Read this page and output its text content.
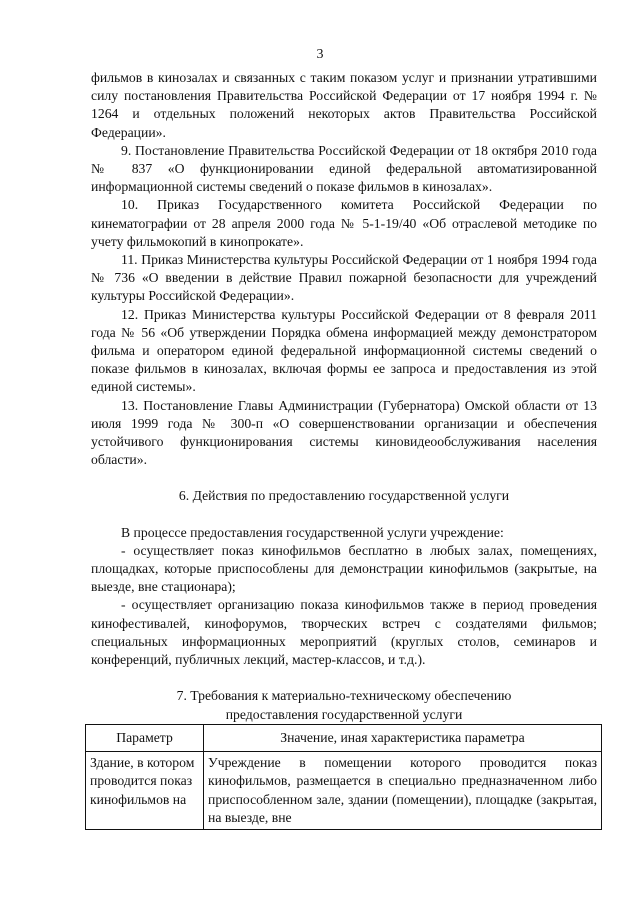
3

фильмов в кинозалах и связанных с таким показом услуг и признании утратившими силу постановления Правительства Российской Федерации от 17 ноября 1994 г. № 1264 и отдельных положений некоторых актов Правительства Российской Федерации».

9. Постановление Правительства Российской Федерации от 18 октября 2010 года № 837 «О функционировании единой федеральной автоматизированной информационной системы сведений о показе фильмов в кинозалах».

10. Приказ Государственного комитета Российской Федерации по кинематографии от 28 апреля 2000 года № 5-1-19/40 «Об отраслевой методике по учету фильмокопий в кинопрокате».

11. Приказ Министерства культуры Российской Федерации от 1 ноября 1994 года № 736 «О введении в действие Правил пожарной безопасности для учреждений культуры Российской Федерации».

12. Приказ Министерства культуры Российской Федерации от 8 февраля 2011 года № 56 «Об утверждении Порядка обмена информацией между демонстратором фильма и оператором единой федеральной информационной системы сведений о показе фильмов в кинозалах, включая формы ее запроса и предоставления из этой единой системы».

13. Постановление Главы Администрации (Губернатора) Омской области от 13 июля 1999 года № 300-п «О совершенствовании организации и обеспечения устойчивого функционирования системы киновидеообслуживания населения области».

6. Действия по предоставлению государственной услуги

В процессе предоставления государственной услуги учреждение:

- осуществляет показ кинофильмов бесплатно в любых залах, помещениях, площадках, которые приспособлены для демонстрации кинофильмов (закрытые, на выезде, вне стационара);

- осуществляет организацию показа кинофильмов также в период проведения кинофестивалей, кинофорумов, творческих встреч с создателями фильмов; специальных информационных мероприятий (круглых столов, семинаров и конференций, публичных лекций, мастер-классов, и т.д.).

7. Требования к материально-техническому обеспечению

предоставления государственной услуги

Параметр	Значение, иная характеристика параметра
Здание, в котором проводится показ кинофильмов на	Учреждение в помещении которого проводится показ кинофильмов, размещается в специально предназначенном либо приспособленном зале, здании (помещении), площадке (закрытая, на выезде, вне
